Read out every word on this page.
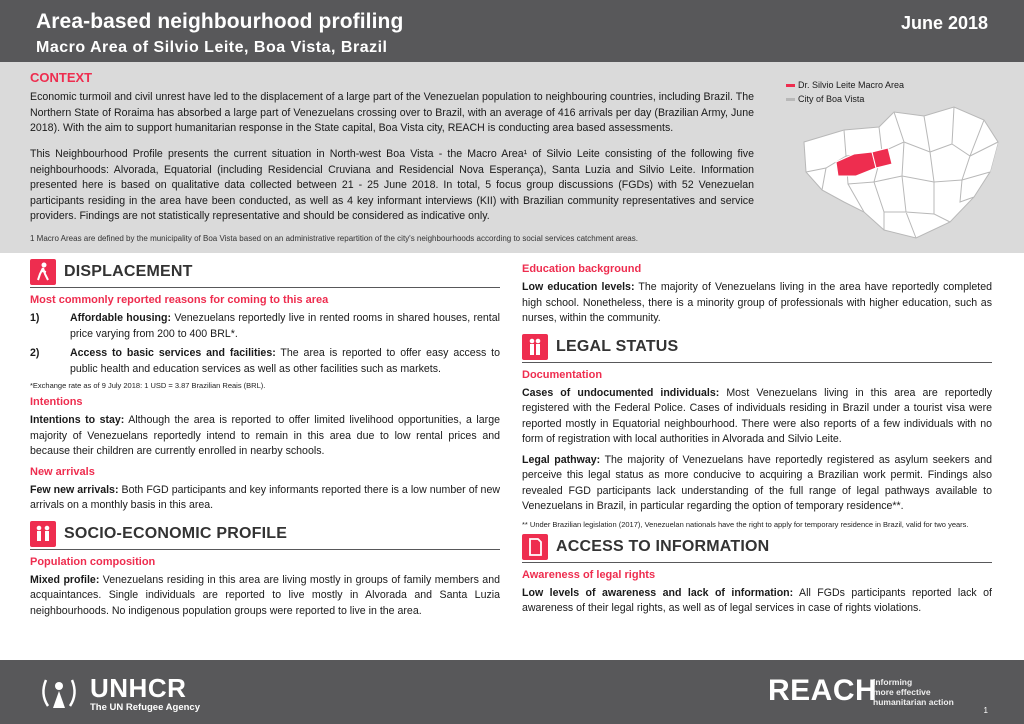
Area-based neighbourhood profiling
Macro Area of Silvio Leite, Boa Vista, Brazil
June 2018
CONTEXT
Economic turmoil and civil unrest have led to the displacement of a large part of the Venezuelan population to neighbouring countries, including Brazil. The Northern State of Roraima has absorbed a large part of Venezuelans crossing over to Brazil, with an average of 416 arrivals per day (Brazilian Army, June 2018). With the aim to support humanitarian response in the State capital, Boa Vista city, REACH is conducting area based assessments.
This Neighbourhood Profile presents the current situation in North-west Boa Vista - the Macro Area¹ of Silvio Leite consisting of the following five neighbourhoods: Alvorada, Equatorial (including Residencial Cruviana and Residencial Nova Esperança), Santa Luzia and Silvio Leite. Information presented here is based on qualitative data collected between 21 - 25 June 2018. In total, 5 focus group discussions (FGDs) with 52 Venezuelan participants residing in the area have been conducted, as well as 4 key informant interviews (KII) with Brazilian community representatives and service providers. Findings are not statistically representative and should be considered as indicative only.
1 Macro Areas are defined by the municipality of Boa Vista based on an administrative repartition of the city's neighbourhoods according to social services catchment areas.
Dr. Silvio Leite Macro Area
City of Boa Vista
DISPLACEMENT
Most commonly reported reasons for coming to this area
1)	Affordable housing: Venezuelans reportedly live in rented rooms in shared houses, rental price varying from 200 to 400 BRL*.
2)	Access to basic services and facilities: The area is reported to offer easy access to public health and education services as well as other facilities such as markets.
*Exchange rate as of 9 July 2018: 1 USD = 3.87 Brazilian Reais (BRL).
Intentions
Intentions to stay: Although the area is reported to offer limited livelihood opportunities, a large majority of Venezuelans reportedly intend to remain in this area due to low rental prices and because their children are currently enrolled in nearby schools.
New arrivals
Few new arrivals: Both FGD participants and key informants reported there is a low number of new arrivals on a monthly basis in this area.
SOCIO-ECONOMIC PROFILE
Population composition
Mixed profile: Venezuelans residing in this area are living mostly in groups of family members and acquaintances. Single individuals are reported to live mostly in Alvorada and Santa Luzia neighbourhoods. No indigenous population groups were reported to live in the area.
Education background
Low education levels: The majority of Venezuelans living in the area have reportedly completed high school. Nonetheless, there is a minority group of professionals with higher education, such as nurses, within the community.
LEGAL STATUS
Documentation
Cases of undocumented individuals: Most Venezuelans living in this area are reportedly registered with the Federal Police. Cases of individuals residing in Brazil under a tourist visa were reported mostly in Equatorial neighbourhood. There were also reports of a few individuals with no form of registration with local authorities in Alvorada and Silvio Leite.
Legal pathway: The majority of Venezuelans have reportedly registered as asylum seekers and perceive this legal status as more conducive to acquiring a Brazilian work permit. Findings also revealed FGD participants lack understanding of the full range of legal pathways available to Venezuelans in Brazil, in particular regarding the option of temporary residence**.
** Under Brazilian legislation (2017), Venezuelan nationals have the right to apply for temporary residence in Brazil, valid for two years.
ACCESS TO INFORMATION
Awareness of legal rights
Low levels of awareness and lack of information: All FGDs participants reported lack of awareness of their legal rights, as well as of legal services in case of rights violations.
UNHCR
The UN Refugee Agency
REACH
Informing
more effective
humanitarian action
1
